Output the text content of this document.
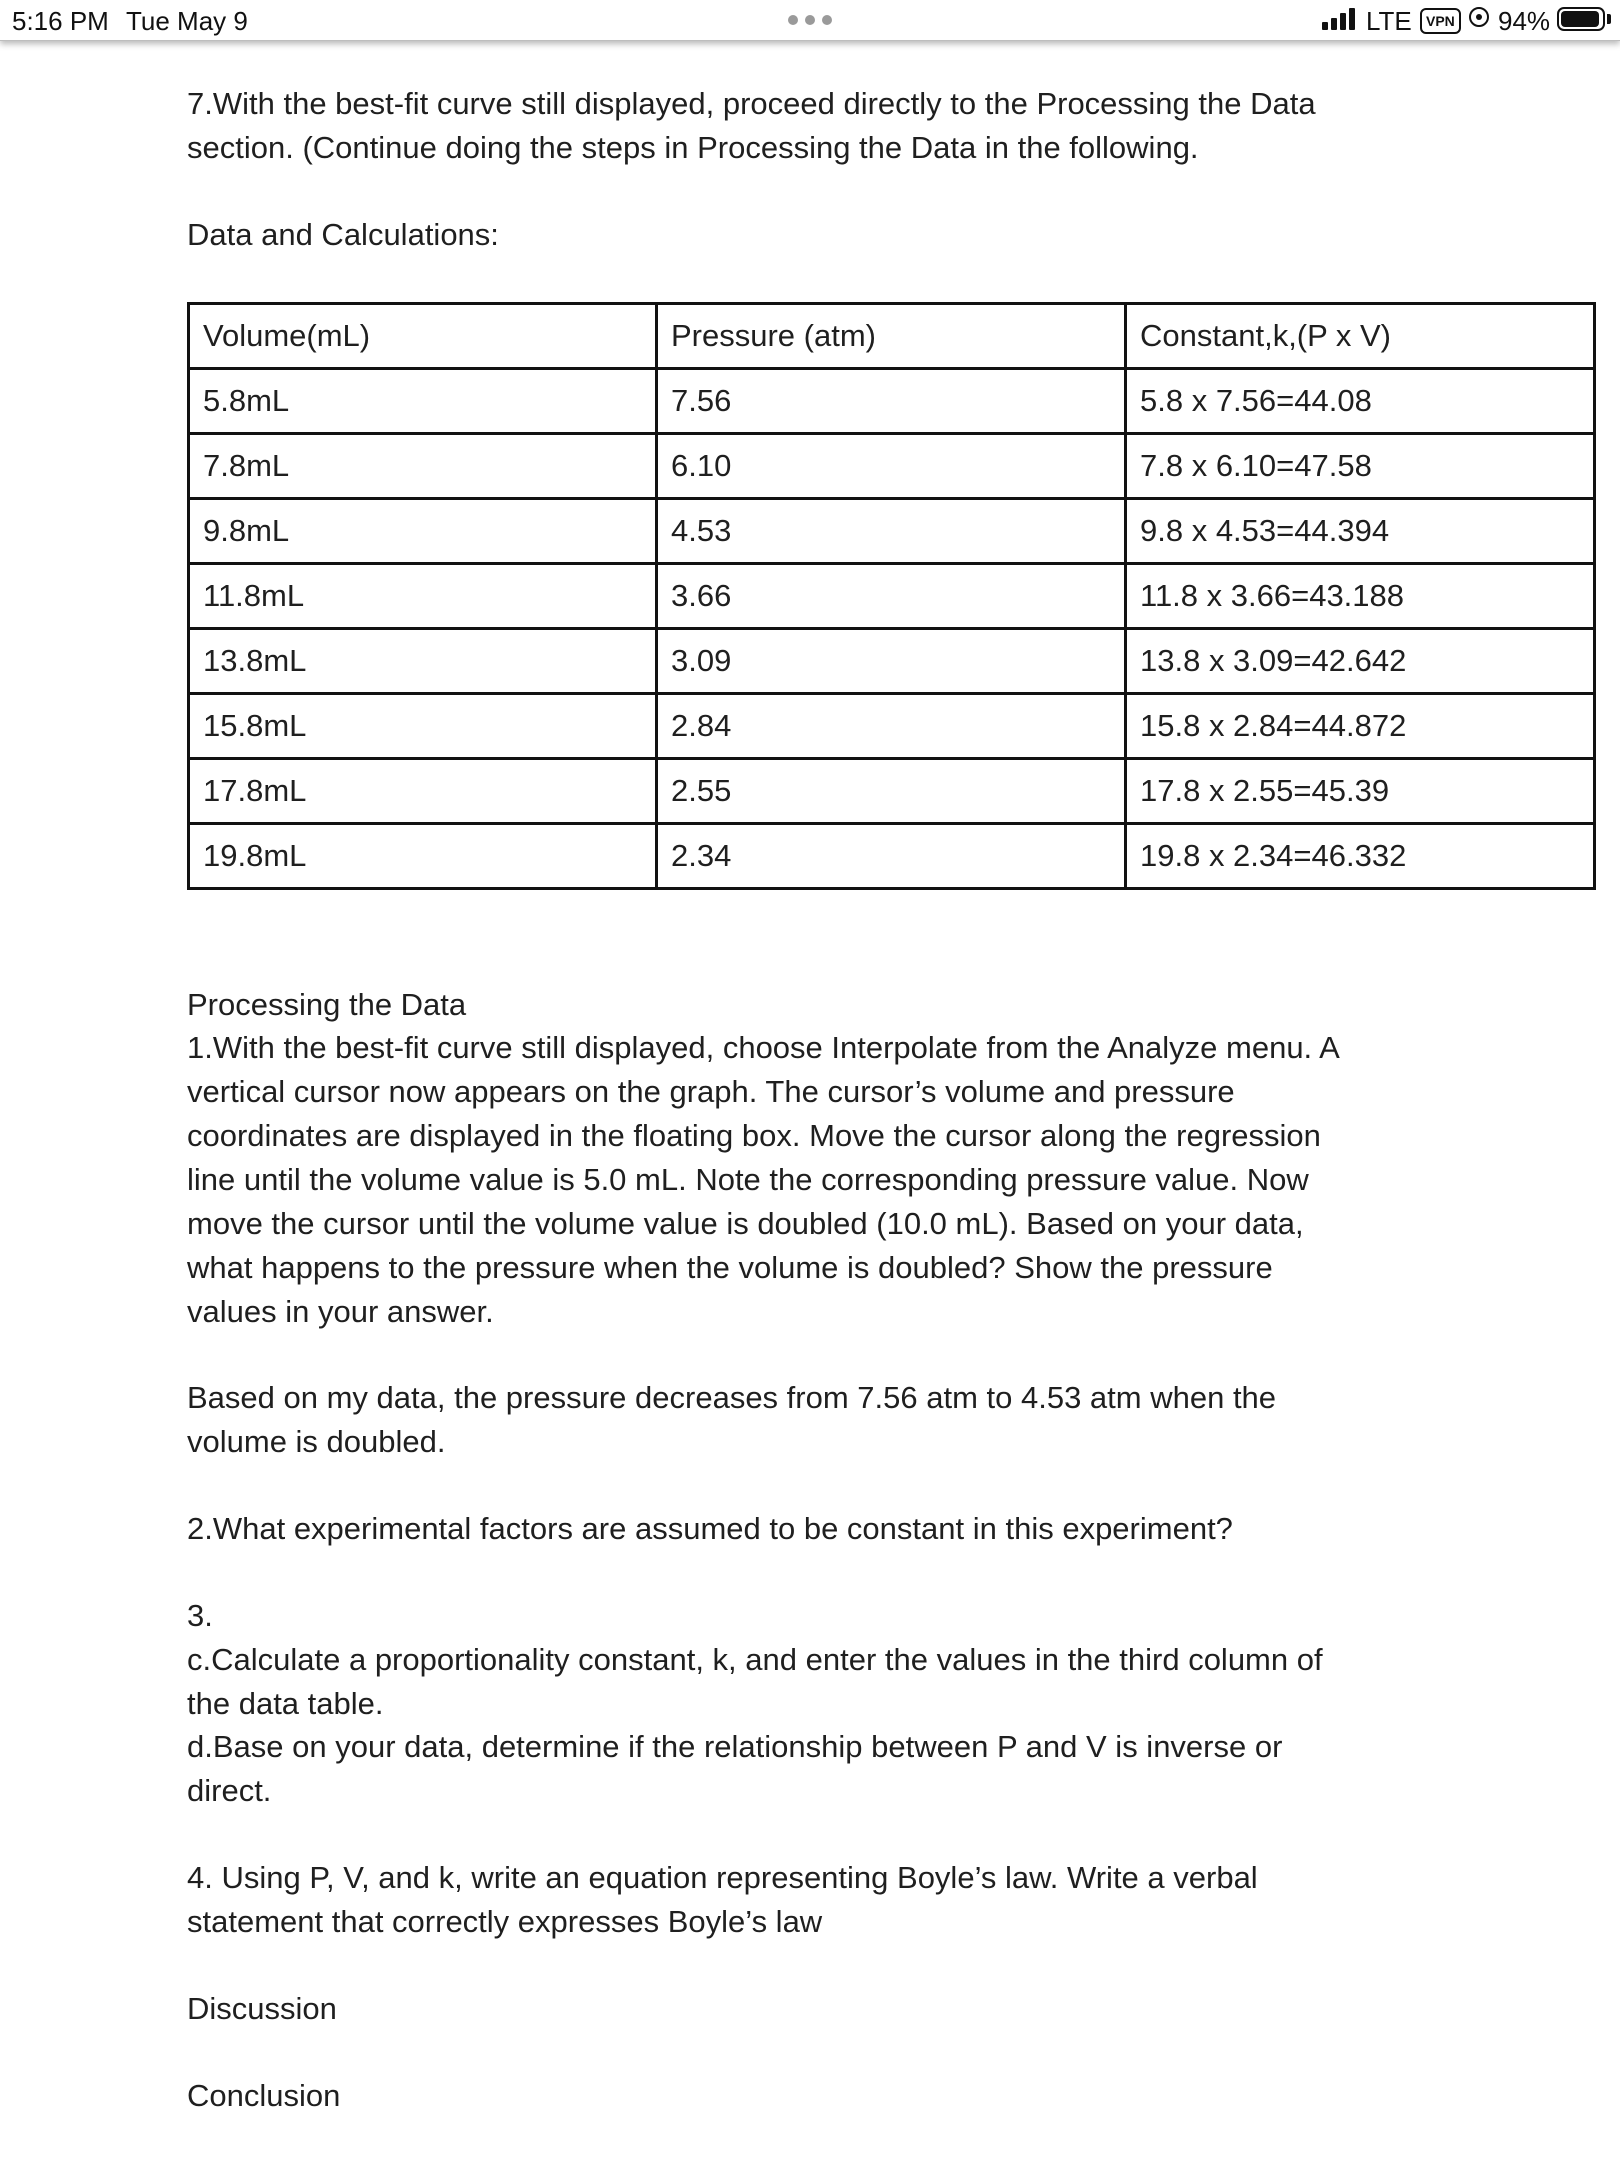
5:16 PM Tue May 9	LTE	VPN 94%

7.With the best-fit curve still displayed, proceed directly to the Processing the Data
section. (Continue doing the steps in Processing the Data in the following.

Data and Calculations:

Volume(mL)	Pressure (atm)	Constant,k,(P x V)
5.8mL	7.56	5.8 x 7.56=44.08
7.8mL	6.10	7.8 x 6.10=47.58
9.8mL	4.53	9.8 x 4.53=44.394
11.8mL	3.66	11.8 x 3.66=43.188
13.8mL	3.09	13.8 x 3.09=42.642
15.8mL	2.84	15.8 x 2.84=44.872
17.8mL	2.55	17.8 x 2.55=45.39
19.8mL	2.34	19.8 x 2.34=46.332

Processing the Data

1.With the best-fit curve still displayed, choose Interpolate from the Analyze menu. A
vertical cursor now appears on the graph. The cursor’s volume and pressure
coordinates are displayed in the floating box. Move the cursor along the regression
line until the volume value is 5.0 mL. Note the corresponding pressure value. Now
move the cursor until the volume value is doubled (10.0 mL). Based on your data,
what happens to the pressure when the volume is doubled? Show the pressure
values in your answer.

Based on my data, the pressure decreases from 7.56 atm to 4.53 atm when the
volume is doubled.

2.What experimental factors are assumed to be constant in this experiment?

3.

c.Calculate a proportionality constant, k, and enter the values in the third column of
the data table.

d.Base on your data, determine if the relationship between P and V is inverse or
direct.

4. Using P, V, and k, write an equation representing Boyle’s law. Write a verbal
statement that correctly expresses Boyle’s law

Discussion

Conclusion
